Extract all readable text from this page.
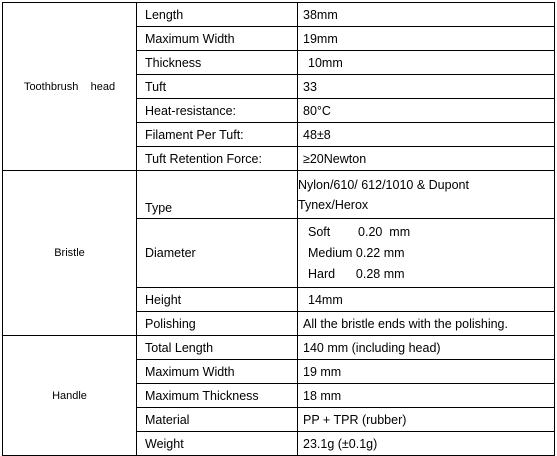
Toothbrush    head	Length	38mm
	Maximum Width	19mm
	Thickness	10mm
	Tuft	33
	Heat-resistance:	80°C
	Filament Per Tuft:	48±8
	Tuft Retention Force:	≥20Newton
Bristle	Type	Nylon/610/ 612/1010 & Dupont
Tynex/Herox

	Diameter	Soft        0.20  mm
Medium 0.22 mm
Hard      0.28 mm

	Height	14mm
	Polishing	All the bristle ends with the polishing.
Handle	Total Length	140 mm (including head)
	Maximum Width	19 mm
	Maximum Thickness	18 mm
	Material	PP + TPR (rubber)
	Weight	23.1g (±0.1g)
